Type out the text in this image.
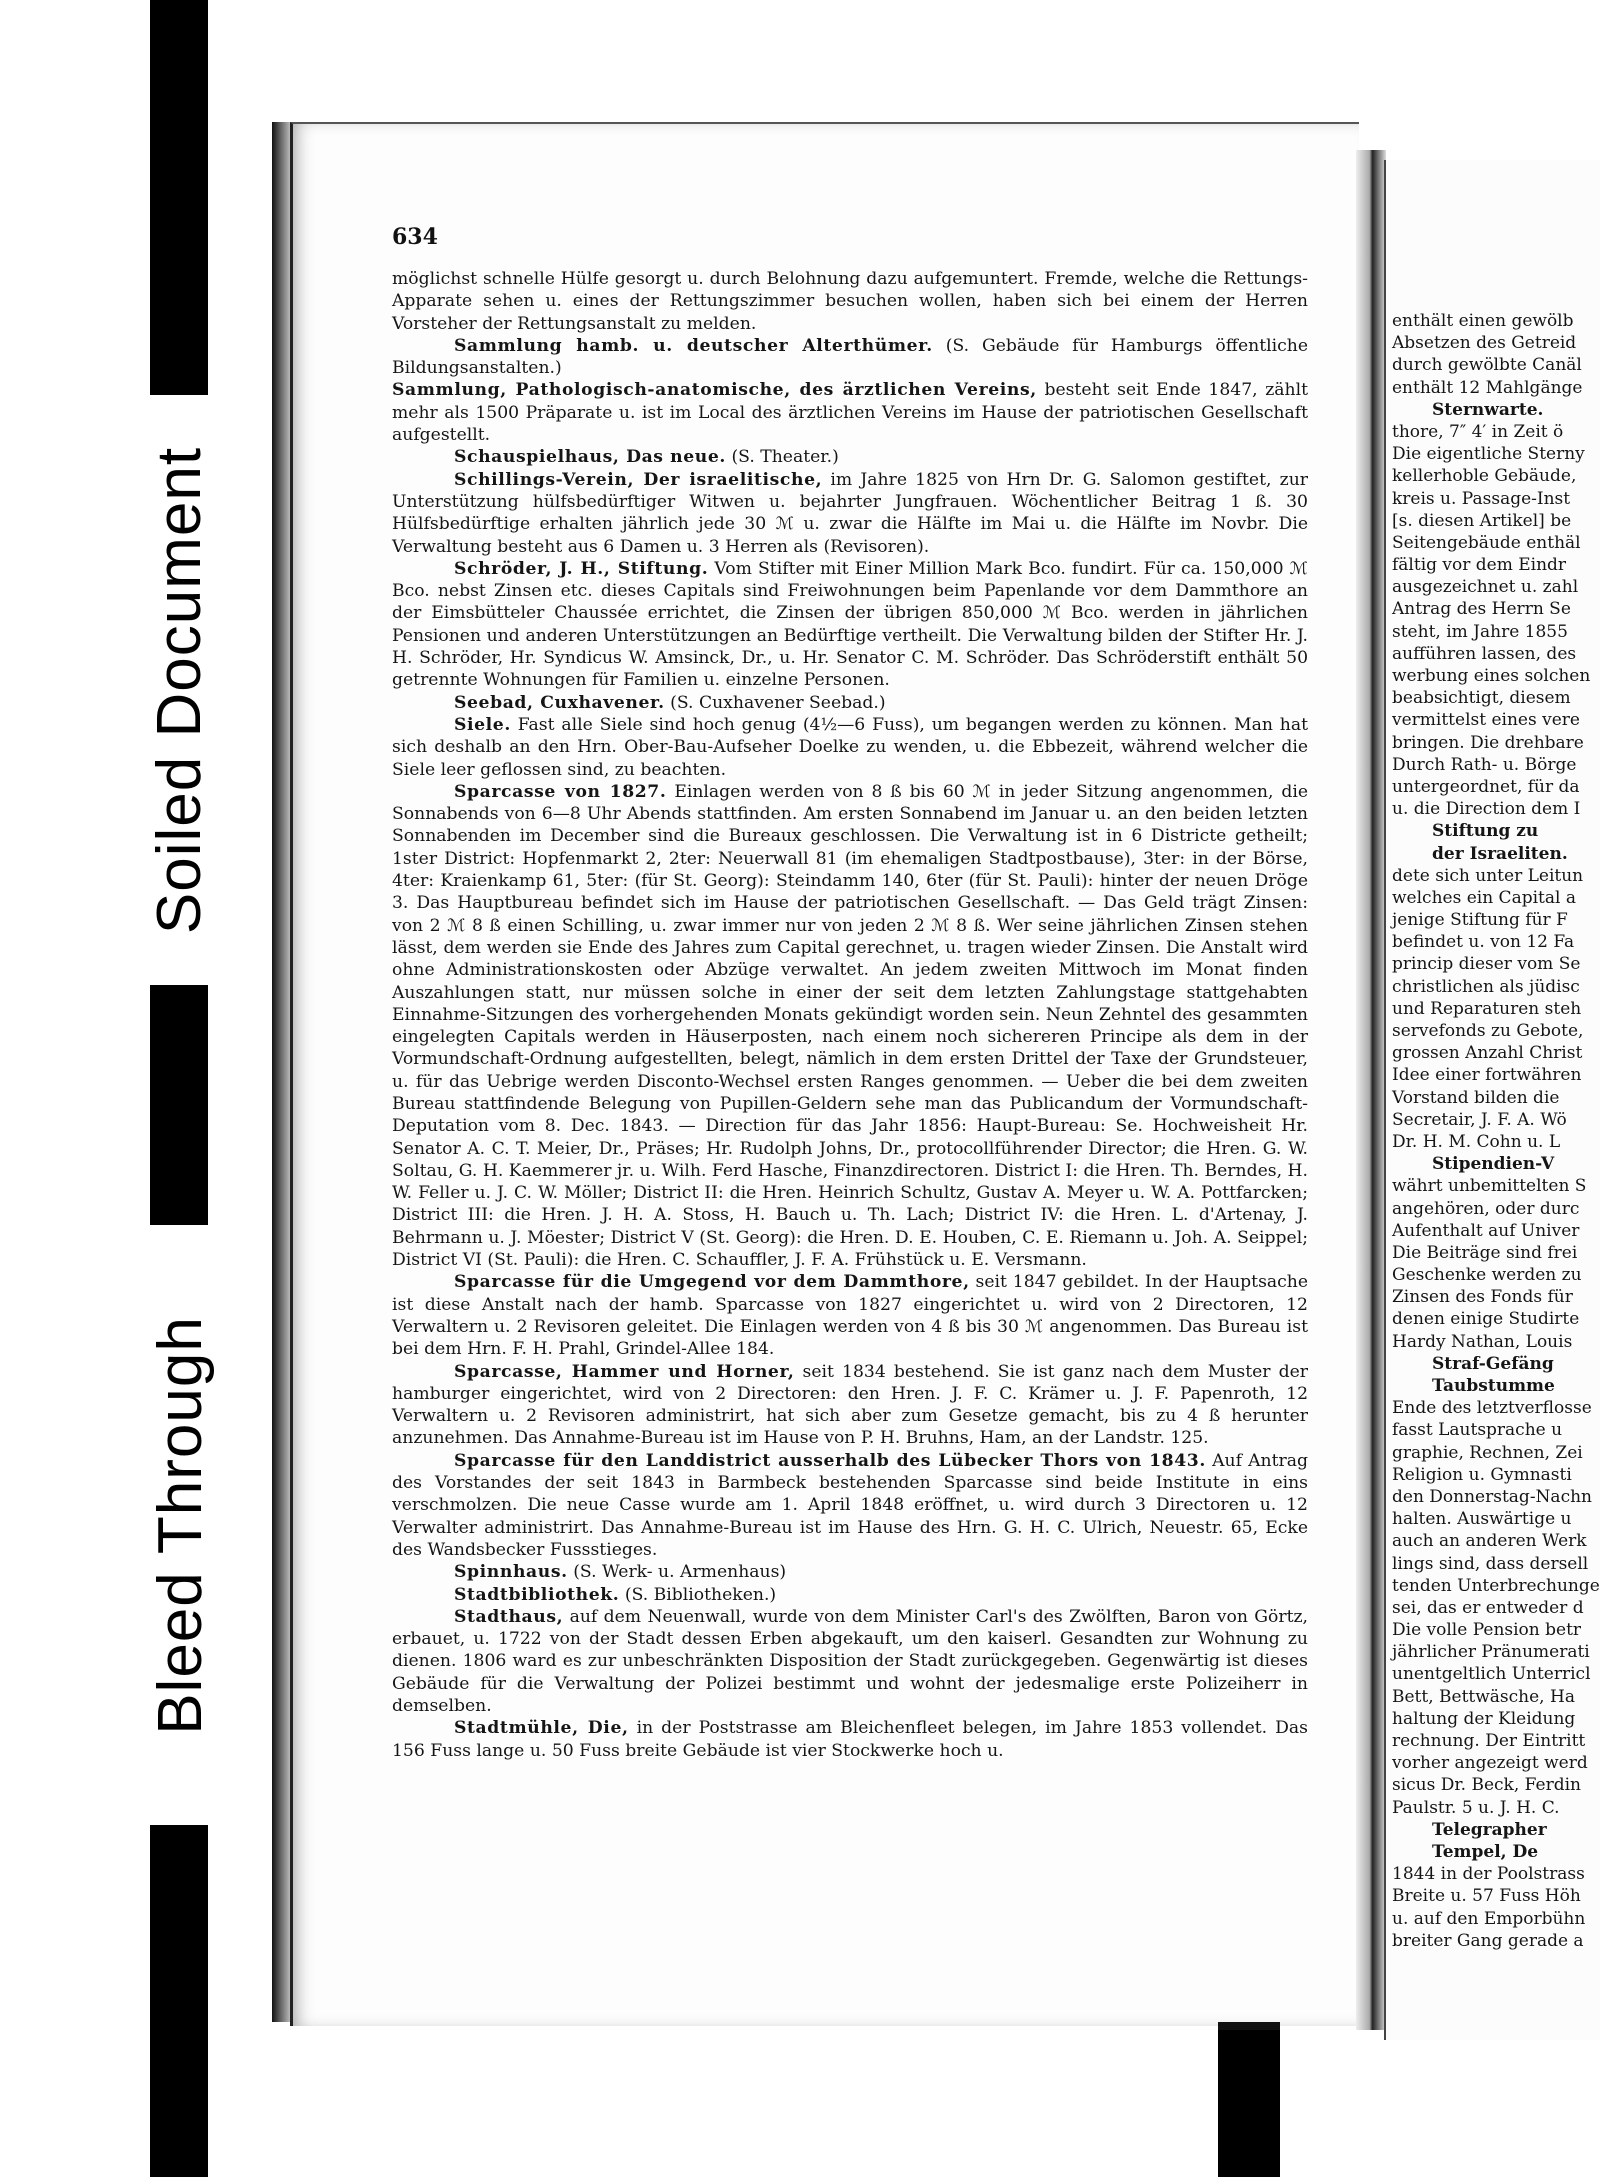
Soiled Document
Bleed Through
634

möglichst schnelle Hülfe gesorgt u. durch Belohnung dazu aufgemuntert. Fremde, welche die Rettungs-Apparate sehen u. eines der Rettungszimmer besuchen wollen, haben sich bei einem der Herren Vorsteher der Rettungsanstalt zu melden.

Sammlung hamb. u. deutscher Alterthümer. (S. Gebäude für Hamburgs öffentliche Bildungsanstalten.)

Sammlung, Pathologisch-anatomische, des ärztlichen Vereins, besteht seit Ende 1847, zählt mehr als 1500 Präparate u. ist im Local des ärztlichen Vereins im Hause der patriotischen Gesellschaft aufgestellt.

Schauspielhaus, Das neue. (S. Theater.)

Schillings-Verein, Der israelitische, im Jahre 1825 von Hrn Dr. G. Salomon gestiftet, zur Unterstützung hülfsbedürftiger Witwen u. bejahrter Jungfrauen. Wöchentlicher Beitrag 1 ß. 30 Hülfsbedürftige erhalten jährlich jede 30 ℳ u. zwar die Hälfte im Mai u. die Hälfte im Novbr. Die Verwaltung besteht aus 6 Damen u. 3 Herren als (Revisoren).

Schröder, J. H., Stiftung. Vom Stifter mit Einer Million Mark Bco. fundirt. Für ca. 150,000 ℳ Bco. nebst Zinsen etc. dieses Capitals sind Freiwohnungen beim Papenlande vor dem Dammthore an der Eimsbütteler Chaussée errichtet, die Zinsen der übrigen 850,000 ℳ Bco. werden in jährlichen Pensionen und anderen Unterstützungen an Bedürftige vertheilt. Die Verwaltung bilden der Stifter Hr. J. H. Schröder, Hr. Syndicus W. Amsinck, Dr., u. Hr. Senator C. M. Schröder. Das Schröderstift enthält 50 getrennte Wohnungen für Familien u. einzelne Personen.

Seebad, Cuxhavener. (S. Cuxhavener Seebad.)

Siele. Fast alle Siele sind hoch genug (4½—6 Fuss), um begangen werden zu können. Man hat sich deshalb an den Hrn. Ober-Bau-Aufseher Doelke zu wenden, u. die Ebbezeit, während welcher die Siele leer geflossen sind, zu beachten.

Sparcasse von 1827. Einlagen werden von 8 ß bis 60 ℳ in jeder Sitzung angenommen, die Sonnabends von 6—8 Uhr Abends stattfinden. Am ersten Sonnabend im Januar u. an den beiden letzten Sonnabenden im December sind die Bureaux geschlossen. Die Verwaltung ist in 6 Districte getheilt; 1ster District: Hopfenmarkt 2, 2ter: Neuerwall 81 (im ehemaligen Stadtpostbause), 3ter: in der Börse, 4ter: Kraienkamp 61, 5ter: (für St. Georg): Steindamm 140, 6ter (für St. Pauli): hinter der neuen Dröge 3. Das Hauptbureau befindet sich im Hause der patriotischen Gesellschaft. — Das Geld trägt Zinsen: von 2 ℳ 8 ß einen Schilling, u. zwar immer nur von jeden 2 ℳ 8 ß. Wer seine jährlichen Zinsen stehen lässt, dem werden sie Ende des Jahres zum Capital gerechnet, u. tragen wieder Zinsen. Die Anstalt wird ohne Administrationskosten oder Abzüge verwaltet. An jedem zweiten Mittwoch im Monat finden Auszahlungen statt, nur müssen solche in einer der seit dem letzten Zahlungstage stattgehabten Einnahme-Sitzungen des vorhergehenden Monats gekündigt worden sein. Neun Zehntel des gesammten eingelegten Capitals werden in Häuserposten, nach einem noch sichereren Principe als dem in der Vormundschaft-Ordnung aufgestellten, belegt, nämlich in dem ersten Drittel der Taxe der Grundsteuer, u. für das Uebrige werden Disconto-Wechsel ersten Ranges genommen. — Ueber die bei dem zweiten Bureau stattfindende Belegung von Pupillen-Geldern sehe man das Publicandum der Vormundschaft-Deputation vom 8. Dec. 1843. — Direction für das Jahr 1856: Haupt-Bureau: Se. Hochweisheit Hr. Senator A. C. T. Meier, Dr., Präses; Hr. Rudolph Johns, Dr., protocollführender Director; die Hren. G. W. Soltau, G. H. Kaemmerer jr. u. Wilh. Ferd Hasche, Finanzdirectoren. District I: die Hren. Th. Berndes, H. W. Feller u. J. C. W. Möller; District II: die Hren. Heinrich Schultz, Gustav A. Meyer u. W. A. Pottfarcken; District III: die Hren. J. H. A. Stoss, H. Bauch u. Th. Lach; District IV: die Hren. L. d'Artenay, J. Behrmann u. J. Möester; District V (St. Georg): die Hren. D. E. Houben, C. E. Riemann u. Joh. A. Seippel; District VI (St. Pauli): die Hren. C. Schauffler, J. F. A. Frühstück u. E. Versmann.

Sparcasse für die Umgegend vor dem Dammthore, seit 1847 gebildet. In der Hauptsache ist diese Anstalt nach der hamb. Sparcasse von 1827 eingerichtet u. wird von 2 Directoren, 12 Verwaltern u. 2 Revisoren geleitet. Die Einlagen werden von 4 ß bis 30 ℳ angenommen. Das Bureau ist bei dem Hrn. F. H. Prahl, Grindel-Allee 184.

Sparcasse, Hammer und Horner, seit 1834 bestehend. Sie ist ganz nach dem Muster der hamburger eingerichtet, wird von 2 Directoren: den Hren. J. F. C. Krämer u. J. F. Papenroth, 12 Verwaltern u. 2 Revisoren administrirt, hat sich aber zum Gesetze gemacht, bis zu 4 ß herunter anzunehmen. Das Annahme-Bureau ist im Hause von P. H. Bruhns, Ham, an der Landstr. 125.

Sparcasse für den Landdistrict ausserhalb des Lübecker Thors von 1843. Auf Antrag des Vorstandes der seit 1843 in Barmbeck bestehenden Sparcasse sind beide Institute in eins verschmolzen. Die neue Casse wurde am 1. April 1848 eröffnet, u. wird durch 3 Directoren u. 12 Verwalter administrirt. Das Annahme-Bureau ist im Hause des Hrn. G. H. C. Ulrich, Neuestr. 65, Ecke des Wandsbecker Fussstieges.

Spinnhaus. (S. Werk- u. Armenhaus)

Stadtbibliothek. (S. Bibliotheken.)

Stadthaus, auf dem Neuenwall, wurde von dem Minister Carl's des Zwölften, Baron von Görtz, erbauet, u. 1722 von der Stadt dessen Erben abgekauft, um den kaiserl. Gesandten zur Wohnung zu dienen. 1806 ward es zur unbeschränkten Disposition der Stadt zurückgegeben. Gegenwärtig ist dieses Gebäude für die Verwaltung der Polizei bestimmt und wohnt der jedesmalige erste Polizeiherr in demselben.

Stadtmühle, Die, in der Poststrasse am Bleichenfleet belegen, im Jahre 1853 vollendet. Das 156 Fuss lange u. 50 Fuss breite Gebäude ist vier Stockwerke hoch u.

enthält einen gewölb
Absetzen des Getreid
durch gewölbte Canäl
enthält 12 Mahlgänge
Sternwarte.
thore, 7″ 4′ in Zeit ö
Die eigentliche Sterny
kellerhoble Gebäude,
kreis u. Passage-Inst
[s. diesen Artikel] be
Seitengebäude enthäl
fältig vor dem Eindr
ausgezeichnet u. zahl
Antrag des Herrn Se
steht, im Jahre 1855
aufführen lassen, des
werbung eines solchen
beabsichtigt, diesem
vermittelst eines vere
bringen. Die drehbare
Durch Rath- u. Börge
untergeordnet, für da
u. die Direction dem I
Stiftung zu
der Israeliten.
dete sich unter Leitun
welches ein Capital a
jenige Stiftung für F
befindet u. von 12 Fa
princip dieser vom Se
christlichen als jüdisc
und Reparaturen steh
servefonds zu Gebote,
grossen Anzahl Christ
Idee einer fortwähren
Vorstand bilden die
Secretair, J. F. A. Wö
Dr. H. M. Cohn u. L
Stipendien-V
währt unbemittelten S
angehören, oder durc
Aufenthalt auf Univer
Die Beiträge sind frei
Geschenke werden zu
Zinsen des Fonds für
denen einige Studirte
Hardy Nathan, Louis
Straf-Gefäng
Taubstumme
Ende des letztverflosse
fasst Lautsprache u
graphie, Rechnen, Zei
Religion u. Gymnasti
den Donnerstag-Nachn
halten. Auswärtige u
auch an anderen Werk
lings sind, dass dersell
tenden Unterbrechunge
sei, das er entweder d
Die volle Pension betr
jährlicher Pränumerati
unentgeltlich Unterricl
Bett, Bettwäsche, Ha
haltung der Kleidung
rechnung. Der Eintritt
vorher angezeigt werd
sicus Dr. Beck, Ferdin
Paulstr. 5 u. J. H. C.
Telegrapher
Tempel, De
1844 in der Poolstrass
Breite u. 57 Fuss Höh
u. auf den Emporbühn
breiter Gang gerade a
